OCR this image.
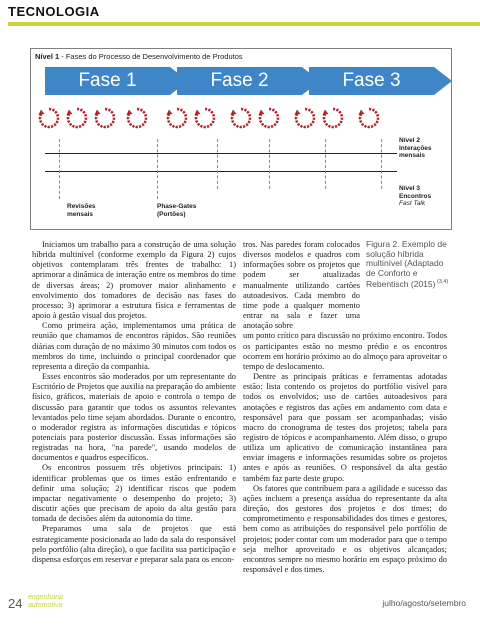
TECNOLOGIA
Nível 1 - Fases do Processo de Desenvolvimento de Produtos
Fase 1	Fase 2	Fase 3
Nível 2
Interações
mensais
Nível 3
Encontros
Fast Talk
Revisões
mensais
Phase-Gates
(Portões)
Figura 2. Exemplo de solução híbrida multinível (Adaptado de Conforto e Rebentisch (2015) $^{(3,4)}$

Iniciamos um trabalho para a construção de uma solução híbrida multinível (conforme exemplo da Figura 2) cujos objetivos contemplaram três frentes de trabalho: 1) aprimorar a dinâmica de interação entre os membros do time de diversas áreas; 2) promover maior alinhamento e envolvimento dos tomadores de decisão nas fases do processo; 3) aprimorar a estrutura física e ferramentas de apoio à gestão visual dos projetos.

Como primeira ação, implementamos uma prática de reunião que chamamos de encontros rápidos. São reuniões diárias com duração de no máximo 30 minutos com todos os membros do time, incluindo o principal coordenador que representa a direção da companhia.

Esses encontros são moderados por um representante do Escritório de Projetos que auxilia na preparação do ambiente físico, gráficos, materiais de apoio e controla o tempo de discussão para garantir que todos os assuntos relevantes levantados pelo time sejam abordados. Durante o encontro, o moderador registra as informações discutidas e tópicos potenciais para posterior discussão. Essas informações são registradas na hora, "na parede", usando modelos de documentos e quadros específicos.

Os encontros possuem três objetivos principais: 1) identificar problemas que os times estão enfrentando e definir uma solução; 2) identificar riscos que podem impactar negativamente o desempenho do projeto; 3) discutir ações que precisam de apoio da alta gestão para tomada de decisões além da autonomia do time.

Preparamos uma sala de projetos que está estrategicamente posicionada ao lado da sala do responsável pelo portfólio (alta direção), o que facilita sua participação e dispensa esforços em reservar e preparar sala para os encon-

tros. Nas paredes foram colocados diversos modelos e quadros com informações sobre os projetos que podem ser atualizadas manualmente utilizando cartões autoadesivos. Cada membro do time pode a qualquer momento entrar na sala e fazer uma anotação sobre

um ponto crítico para discussão no próximo encontro. Todos os participantes estão no mesmo prédio e os encontros ocorrem em horário próximo ao do almoço para aproveitar o tempo de deslocamento.

Dentre as principais práticas e ferramentas adotadas estão: lista contendo os projetos do portfólio visível para todos os envolvidos; uso de cartões autoadesivos para anotações e registros das ações em andamento com data e responsável para que possam ser acompanhadas; visão macro do cronograma de testes dos projetos; tabela para registro de tópicos e acompanhamento. Além disso, o grupo utiliza um aplicativo de comunicação instantânea para enviar imagens e informações resumidas sobre os projetos antes e após as reuniões. O responsável da alta gestão também faz parte deste grupo.

Os fatores que contribuem para a agilidade e sucesso das ações incluem a presença assídua do representante da alta direção, dos gestores dos projetos e dos times; do comprometimento e responsabilidades dos times e gestores, bem como as atribuições do responsável pelo portfólio de projetos; poder contar com um moderador para que o tempo seja melhor aproveitado e os objetivos alcançados; encontros sempre no mesmo horário em espaço próximo do responsável e dos times.

24 engenharia
automotiva	julho/agosto/setembro
